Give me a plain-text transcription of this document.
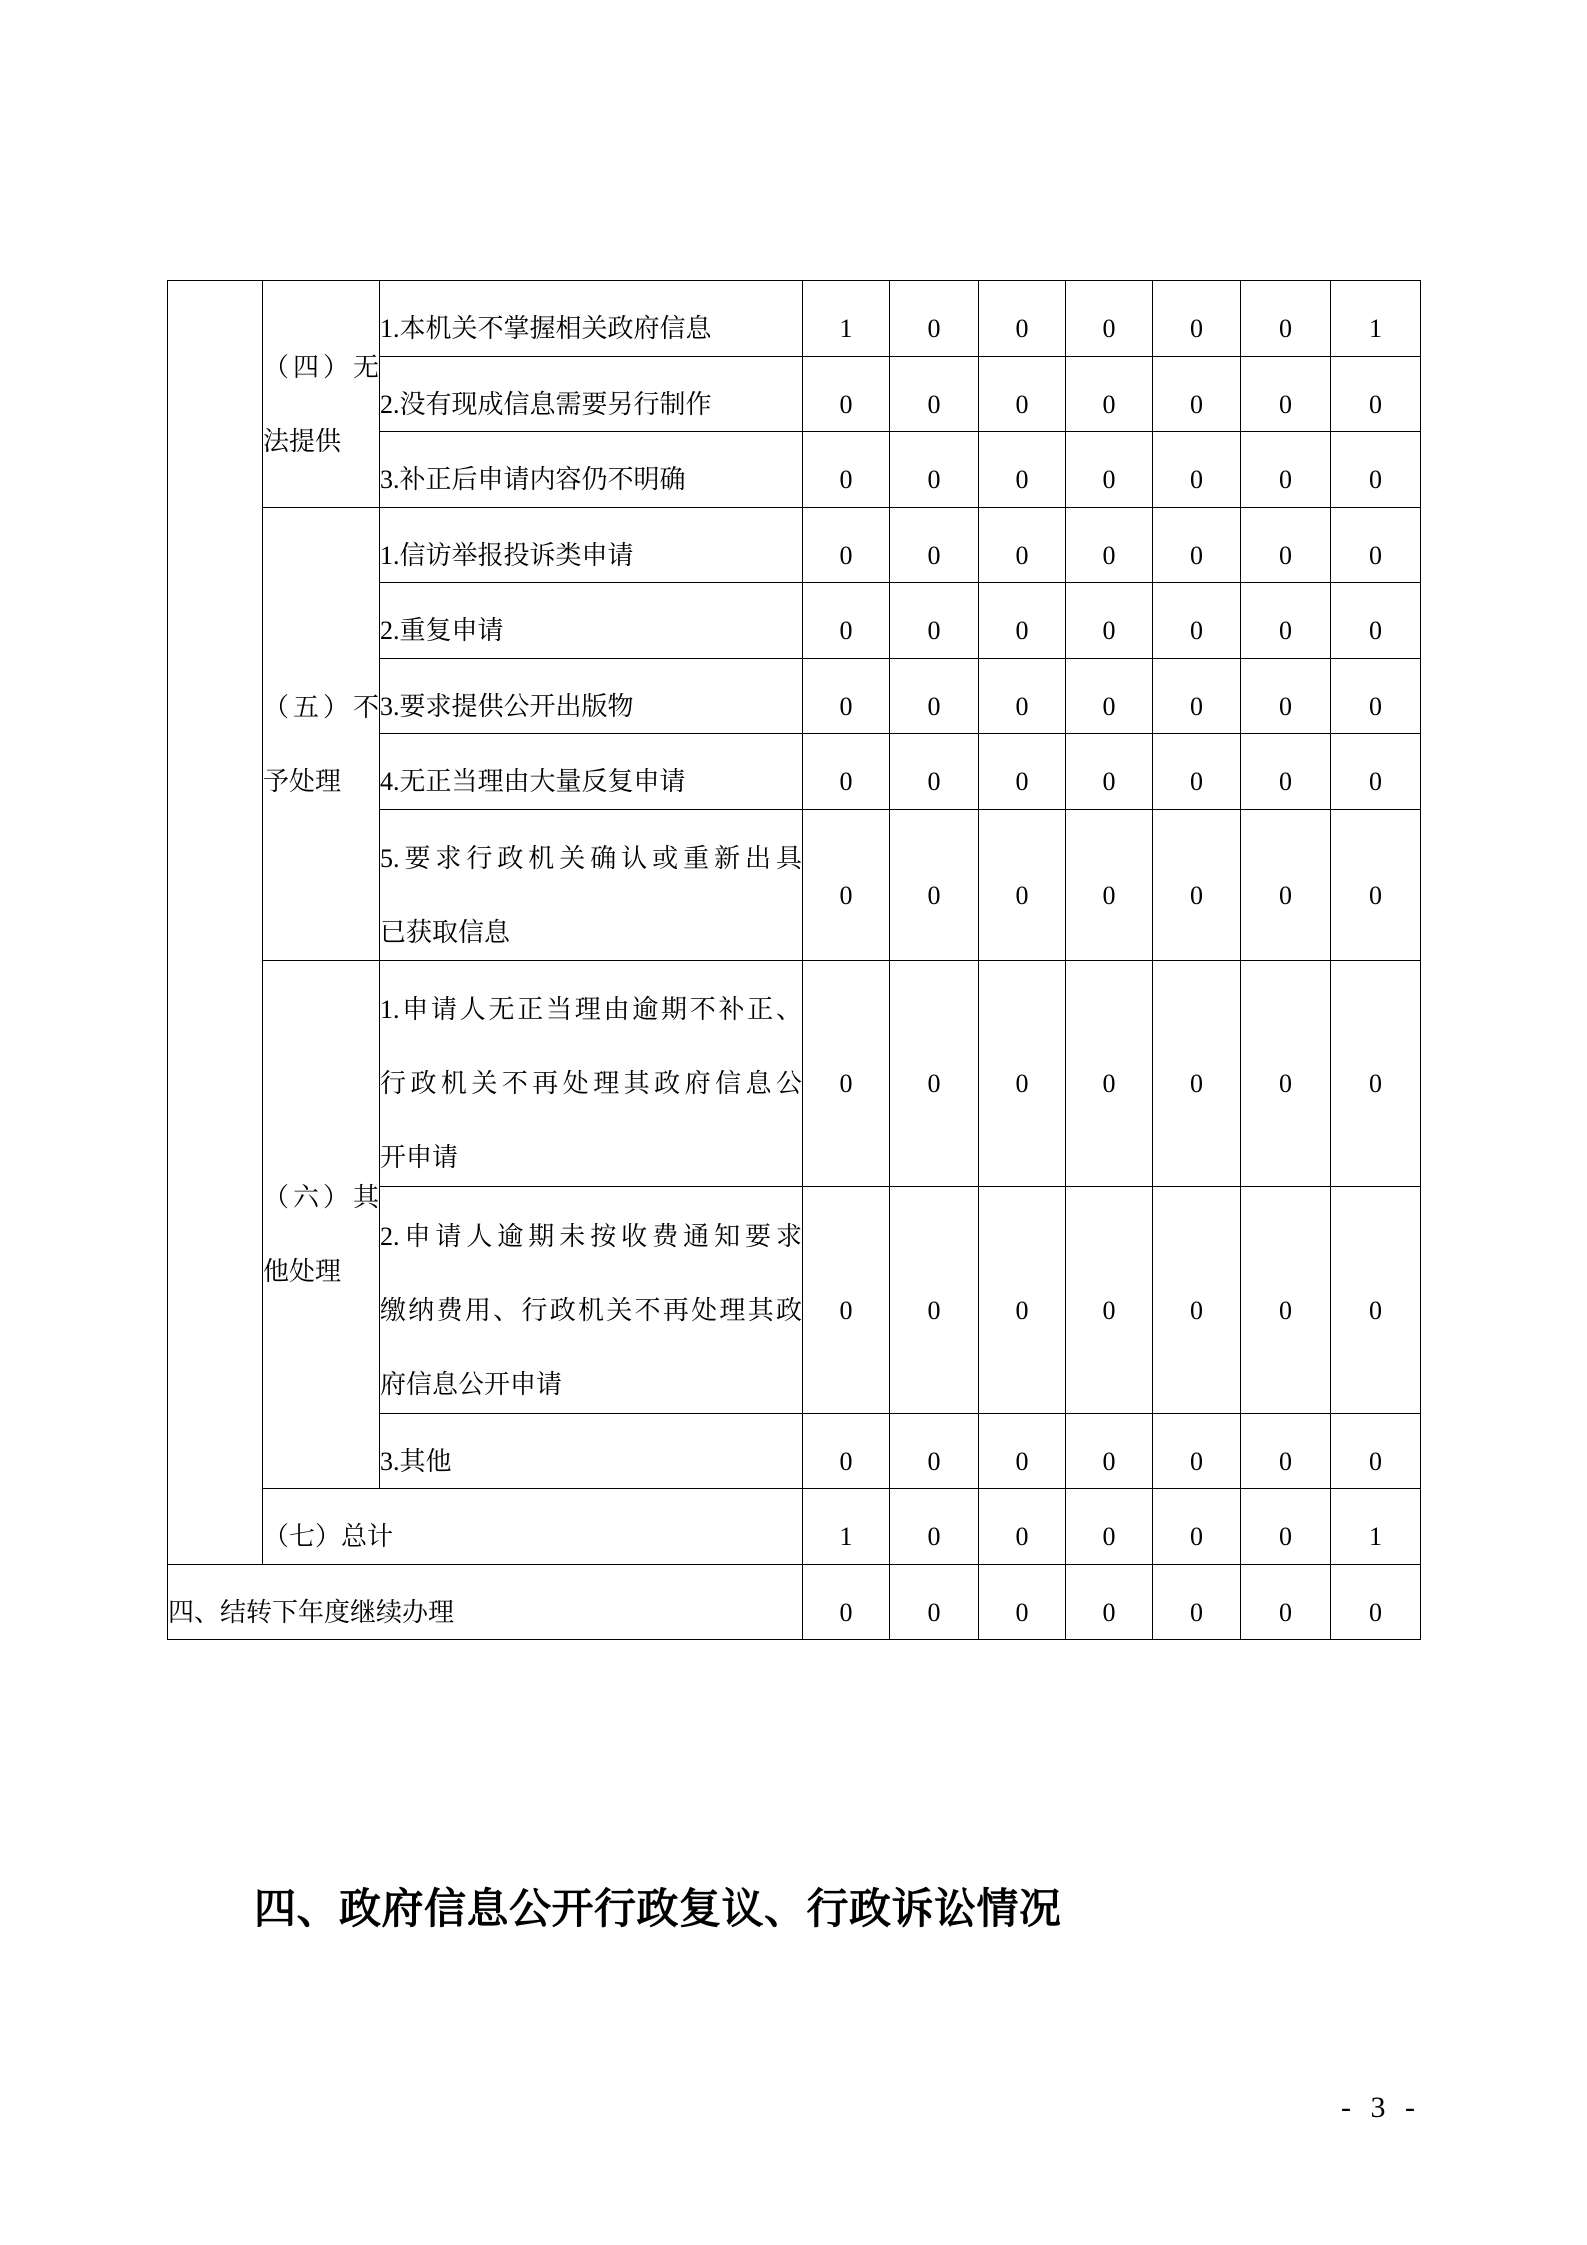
	（四）无
法提供	1.本机关不掌握相关政府信息	1	0	0	0	0	0	1

		2.没有现成信息需要另行制作	0	0	0	0	0	0	0

		3.补正后申请内容仍不明确	0	0	0	0	0	0	0

	（五）不
予处理	1.信访举报投诉类申请	0	0	0	0	0	0	0

		2.重复申请	0	0	0	0	0	0	0

		3.要求提供公开出版物	0	0	0	0	0	0	0

		4.无正当理由大量反复申请	0	0	0	0	0	0	0

		5.要求行政机关确认或重新出具
已获取信息	0	0	0	0	0	0	0

	（六）其
他处理	1.申请人无正当理由逾期不补正、
行政机关不再处理其政府信息公
开申请	0	0	0	0	0	0	0

		2.申请人逾期未按收费通知要求
缴纳费用、行政机关不再处理其政
府信息公开申请	0	0	0	0	0	0	0

		3.其他	0	0	0	0	0	0	0

	（七）总计		1	0	0	0	0	0	1

四、结转下年度继续办理			0	0	0	0	0	0	0
四、政府信息公开行政复议、行政诉讼情况
- 3 -
